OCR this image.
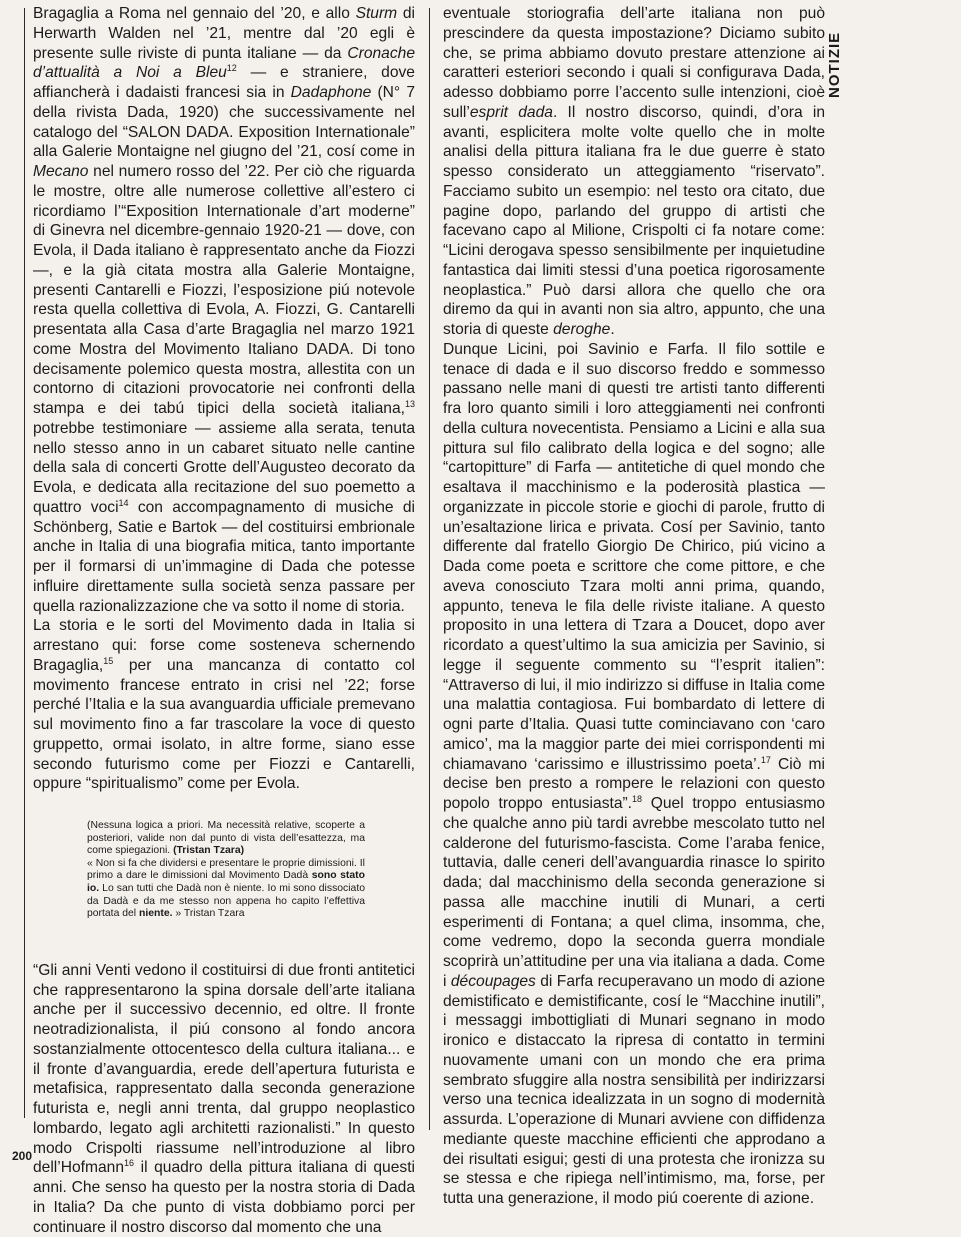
Bragaglia a Roma nel gennaio del ’20, e allo Sturm di Herwarth Walden nel ’21, mentre dal ’20 egli è presente sulle riviste di punta italiane — da Cronache d’attualità a Noi a Bleu$^{12}$ — e straniere, dove affiancherà i dadaisti francesi sia in Dadaphone (N° 7 della rivista Dada, 1920) che successivamente nel catalogo del “SALON DADA. Exposition Internationale” alla Galerie Montaigne nel giugno del ’21, cosí come in Mecano nel numero rosso del ’22. Per ciò che riguarda le mostre, oltre alle numerose collettive all’estero ci ricordiamo l’“Exposition Internationale d’art moderne” di Ginevra nel dicembre-gennaio 1920-21 — dove, con Evola, il Dada italiano è rappresentato anche da Fiozzi —, e la già citata mostra alla Galerie Montaigne, presenti Cantarelli e Fiozzi, l’esposizione piú notevole resta quella collettiva di Evola, A. Fiozzi, G. Cantarelli presentata alla Casa d’arte Bragaglia nel marzo 1921 come Mostra del Movimento Italiano DADA. Di tono decisamente polemico questa mostra, allestita con un contorno di citazioni provocatorie nei confronti della stampa e dei tabú tipici della società italiana,$^{13}$ potrebbe testimoniare — assieme alla serata, tenuta nello stesso anno in un cabaret situato nelle cantine della sala di concerti Grotte dell’Augusteo decorato da Evola, e dedicata alla recitazione del suo poemetto a quattro voci$^{14}$ con accompagnamento di musiche di Schönberg, Satie e Bartok — del costituirsi embrionale anche in Italia di una biografia mitica, tanto importante per il formarsi di un’immagine di Dada che potesse influire direttamente sulla società senza passare per quella razionalizzazione che va sotto il nome di storia.

La storia e le sorti del Movimento dada in Italia si arrestano qui: forse come sosteneva schernendo Bragaglia,$^{15}$ per una mancanza di contatto col movimento francese entrato in crisi nel ’22; forse perché l’Italia e la sua avanguardia ufficiale premevano sul movimento fino a far trascolare la voce di questo gruppetto, ormai isolato, in altre forme, siano esse secondo futurismo come per Fiozzi e Cantarelli, oppure “spiritualismo” come per Evola.

(Nessuna logica a priori. Ma necessità relative, scoperte a posteriori, valide non dal punto di vista dell’esattezza, ma come spiegazioni. (Tristan Tzara)

« Non si fa che dividersi e presentare le proprie dimissioni. Il primo a dare le dimissioni dal Movimento Dadà sono stato io. Lo san tutti che Dadà non è niente. Io mi sono dissociato da Dadà e da me stesso non appena ho capito l’effettiva portata del niente. » Tristan Tzara

“Gli anni Venti vedono il costituirsi di due fronti antitetici che rappresentarono la spina dorsale dell’arte italiana anche per il successivo decennio, ed oltre. Il fronte neotradizionalista, il piú consono al fondo ancora sostanzialmente ottocentesco della cultura italiana... e il fronte d’avanguardia, erede dell’apertura futurista e metafisica, rappresentato dalla seconda generazione futurista e, negli anni trenta, dal gruppo neoplastico lombardo, legato agli architetti razionalisti.” In questo modo Crispolti riassume nell’introduzione al libro dell’Hofmann$^{16}$ il quadro della pittura italiana di questi anni. Che senso ha questo per la nostra storia di Dada in Italia? Da che punto di vista dobbiamo porci per continuare il nostro discorso dal momento che una

eventuale storiografia dell’arte italiana non può prescindere da questa impostazione? Diciamo subito che, se prima abbiamo dovuto prestare attenzione ai caratteri esteriori secondo i quali si configurava Dada, adesso dobbiamo porre l’accento sulle intenzioni, cioè sull’esprit dada. Il nostro discorso, quindi, d’ora in avanti, esplicitera molte volte quello che in molte analisi della pittura italiana fra le due guerre è stato spesso considerato un atteggiamento “riservato”. Facciamo subito un esempio: nel testo ora citato, due pagine dopo, parlando del gruppo di artisti che facevano capo al Milione, Crispolti ci fa notare come: “Licini derogava spesso sensibilmente per inquietudine fantastica dai limiti stessi d’una poetica rigorosamente neoplastica.” Può darsi allora che quello che ora diremo da qui in avanti non sia altro, appunto, che una storia di queste deroghe.

Dunque Licini, poi Savinio e Farfa. Il filo sottile e tenace di dada e il suo discorso freddo e sommesso passano nelle mani di questi tre artisti tanto differenti fra loro quanto simili i loro atteggiamenti nei confronti della cultura novecentista. Pensiamo a Licini e alla sua pittura sul filo calibrato della logica e del sogno; alle “cartopitture” di Farfa — antitetiche di quel mondo che esaltava il macchinismo e la poderosità plastica — organizzate in piccole storie e giochi di parole, frutto di un’esaltazione lirica e privata. Cosí per Savinio, tanto differente dal fratello Giorgio De Chirico, piú vicino a Dada come poeta e scrittore che come pittore, e che aveva conosciuto Tzara molti anni prima, quando, appunto, teneva le fila delle riviste italiane. A questo proposito in una lettera di Tzara a Doucet, dopo aver ricordato a quest’ultimo la sua amicizia per Savinio, si legge il seguente commento su “l’esprit italien”: “Attraverso di lui, il mio indirizzo si diffuse in Italia come una malattia contagiosa. Fui bombardato di lettere di ogni parte d’Italia. Quasi tutte cominciavano con ‘caro amico’, ma la maggior parte dei miei corrispondenti mi chiamavano ‘carissimo e illustrissimo poeta’.$^{17}$ Ciò mi decise ben presto a rompere le relazioni con questo popolo troppo entusiasta”.$^{18}$ Quel troppo entusiasmo che qualche anno più tardi avrebbe mescolato tutto nel calderone del futurismo-fascista. Come l’araba fenice, tuttavia, dalle ceneri dell’avanguardia rinasce lo spirito dada; dal macchinismo della seconda generazione si passa alle macchine inutili di Munari, a certi esperimenti di Fontana; a quel clima, insomma, che, come vedremo, dopo la seconda guerra mondiale scoprirà un’attitudine per una via italiana a dada. Come i découpages di Farfa recuperavano un modo di azione demistificato e demistificante, cosí le “Macchine inutili”, i messaggi imbottigliati di Munari segnano in modo ironico e distaccato la ripresa di contatto in termini nuovamente umani con un mondo che era prima sembrato sfuggire alla nostra sensibilità per indirizzarsi verso una tecnica idealizzata in un sogno di modernità assurda. L’operazione di Munari avviene con diffidenza mediante queste macchine efficienti che approdano a dei risultati esigui; gesti di una protesta che ironizza su se stessa e che ripiega nell’intimismo, ma, forse, per tutta una generazione, il modo piú coerente di azione.

NOTIZIE
200
